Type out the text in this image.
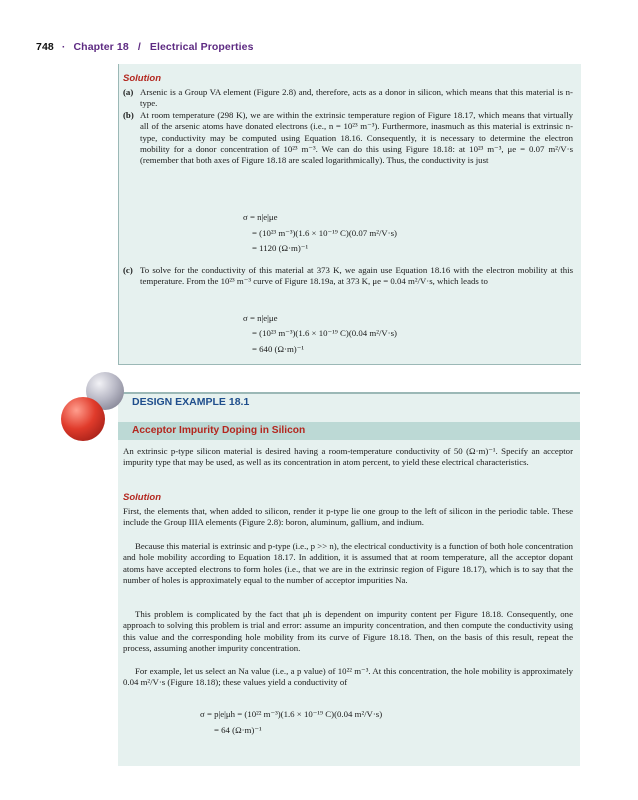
748 · Chapter 18 / Electrical Properties
Solution
(a) Arsenic is a Group VA element (Figure 2.8) and, therefore, acts as a donor in silicon, which means that this material is n-type.
(b) At room temperature (298 K), we are within the extrinsic temperature region of Figure 18.17, which means that virtually all of the arsenic atoms have donated electrons (i.e., n = 10²³ m⁻³). Furthermore, inasmuch as this material is extrinsic n-type, conductivity may be computed using Equation 18.16. Consequently, it is necessary to determine the electron mobility for a donor concentration of 10²³ m⁻³. We can do this using Figure 18.18: at 10²³ m⁻³, μe = 0.07 m²/V·s (remember that both axes of Figure 18.18 are scaled logarithmically). Thus, the conductivity is just
σ = n|e|μe
= (10²³ m⁻³)(1.6 × 10⁻¹⁹ C)(0.07 m²/V·s)
= 1120 (Ω·m)⁻¹
(c) To solve for the conductivity of this material at 373 K, we again use Equation 18.16 with the electron mobility at this temperature. From the 10²³ m⁻³ curve of Figure 18.19a, at 373 K, μe = 0.04 m²/V·s, which leads to
σ = n|e|μe
= (10²³ m⁻³)(1.6 × 10⁻¹⁹ C)(0.04 m²/V·s)
= 640 (Ω·m)⁻¹
DESIGN EXAMPLE 18.1
Acceptor Impurity Doping in Silicon
An extrinsic p-type silicon material is desired having a room-temperature conductivity of 50 (Ω·m)⁻¹. Specify an acceptor impurity type that may be used, as well as its concentration in atom percent, to yield these electrical characteristics.
Solution
First, the elements that, when added to silicon, render it p-type lie one group to the left of silicon in the periodic table. These include the Group IIIA elements (Figure 2.8): boron, aluminum, gallium, and indium.
Because this material is extrinsic and p-type (i.e., p >> n), the electrical conductivity is a function of both hole concentration and hole mobility according to Equation 18.17. In addition, it is assumed that at room temperature, all the acceptor dopant atoms have accepted electrons to form holes (i.e., that we are in the extrinsic region of Figure 18.17), which is to say that the number of holes is approximately equal to the number of acceptor impurities Na.
This problem is complicated by the fact that μh is dependent on impurity content per Figure 18.18. Consequently, one approach to solving this problem is trial and error: assume an impurity concentration, and then compute the conductivity using this value and the corresponding hole mobility from its curve of Figure 18.18. Then, on the basis of this result, repeat the process, assuming another impurity concentration.
For example, let us select an Na value (i.e., a p value) of 10²² m⁻³. At this concentration, the hole mobility is approximately 0.04 m²/V·s (Figure 18.18); these values yield a conductivity of
σ = p|e|μh = (10²² m⁻³)(1.6 × 10⁻¹⁹ C)(0.04 m²/V·s)
= 64 (Ω·m)⁻¹
